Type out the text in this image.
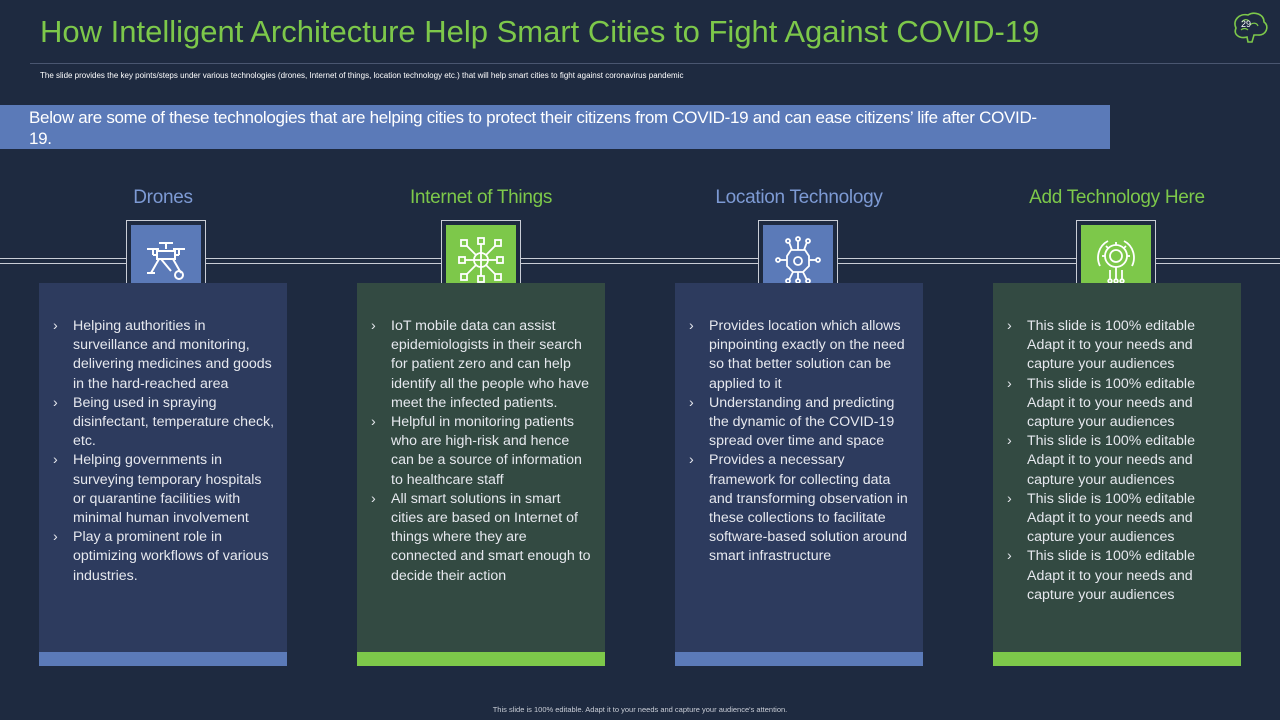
How Intelligent Architecture Help Smart Cities to Fight Against COVID-19	29
The slide provides the key points/steps under various technologies (drones, Internet of things, location technology etc.) that will help smart cities to fight against coronavirus pandemic
Below are some of these technologies that are helping cities to protect their citizens from COVID-19 and can ease citizens’ life after COVID-19.
Drones
› Helping authorities in surveillance and monitoring, delivering medicines and goods in the hard-reached area
› Being used in spraying disinfectant, temperature check, etc.
› Helping governments in surveying temporary hospitals or quarantine facilities with minimal human involvement
› Play a prominent role in optimizing workflows of various industries.
Internet of Things
› IoT mobile data can assist epidemiologists in their search for patient zero and can help identify all the people who have meet the infected patients.
› Helpful in monitoring patients who are high-risk and hence can be a source of information to healthcare staff
› All smart solutions in smart cities are based on Internet of things where they are connected and smart enough to decide their action
Location Technology
› Provides location which allows pinpointing exactly on the need so that better solution can be applied to it
› Understanding and predicting the dynamic of the COVID-19 spread over time and space
› Provides a necessary framework for collecting data and transforming observation in these collections to facilitate software-based solution around smart infrastructure
Add Technology Here
› This slide is 100% editable Adapt it to your needs and capture your audiences
› This slide is 100% editable Adapt it to your needs and capture your audiences
› This slide is 100% editable Adapt it to your needs and capture your audiences
› This slide is 100% editable Adapt it to your needs and capture your audiences
› This slide is 100% editable Adapt it to your needs and capture your audiences
This slide is 100% editable. Adapt it to your needs and capture your audience's attention.
